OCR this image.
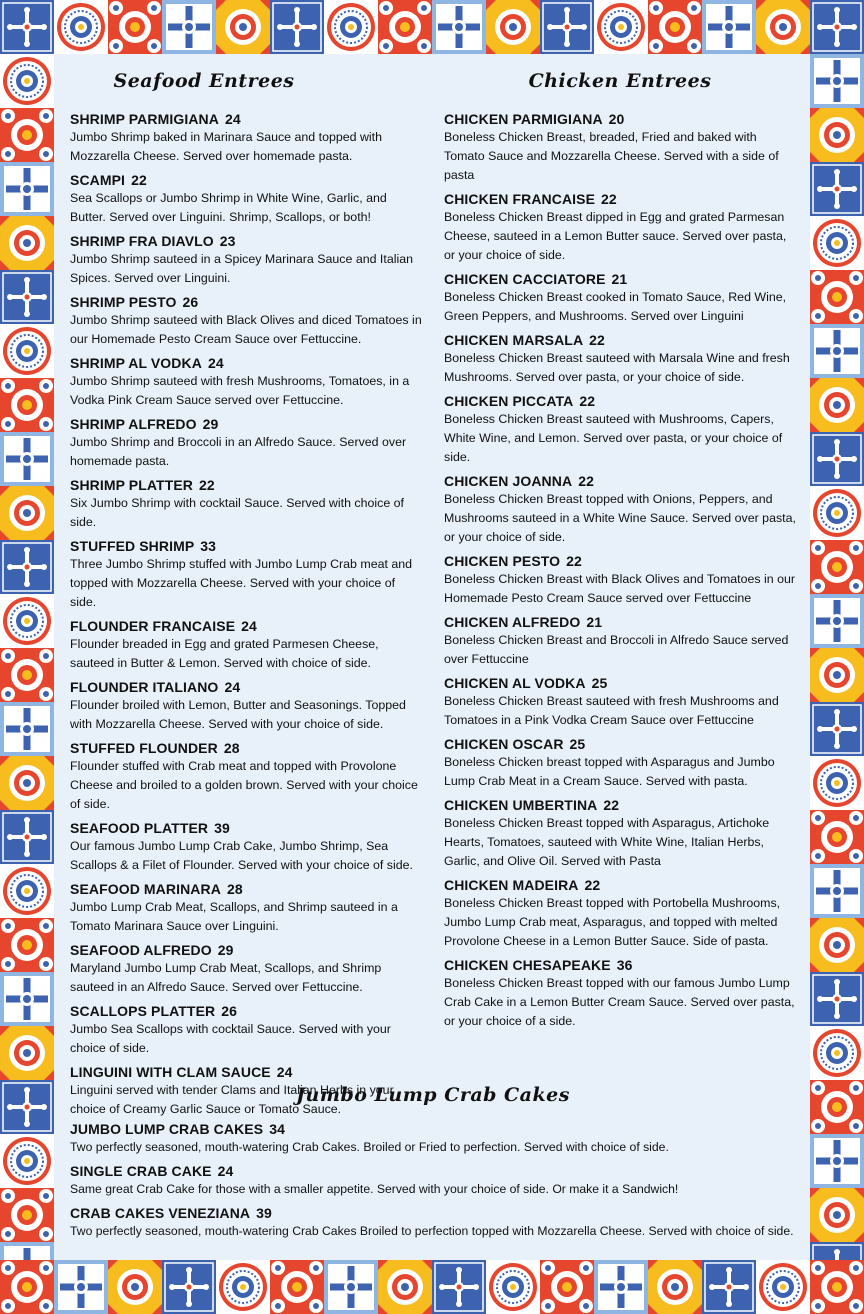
Seafood Entrees
SHRIMP PARMIGIANA 24
Jumbo Shrimp baked in Marinara Sauce and topped with Mozzarella Cheese. Served over homemade pasta.
SCAMPI 22
Sea Scallops or Jumbo Shrimp in White Wine, Garlic, and Butter. Served over Linguini. Shrimp, Scallops, or both!
SHRIMP FRA DIAVLO 23
Jumbo Shrimp sauteed in a Spicey Marinara Sauce and Italian Spices. Served over Linguini.
SHRIMP PESTO 26
Jumbo Shrimp sauteed with Black Olives and diced Tomatoes in our Homemade Pesto Cream Sauce over Fettuccine.
SHRIMP AL VODKA 24
Jumbo Shrimp sauteed with fresh Mushrooms, Tomatoes, in a Vodka Pink Cream Sauce served over Fettuccine.
SHRIMP ALFREDO 29
Jumbo Shrimp and Broccoli in an Alfredo Sauce. Served over homemade pasta.
SHRIMP PLATTER 22
Six Jumbo Shrimp with cocktail Sauce. Served with choice of side.
STUFFED SHRIMP 33
Three Jumbo Shrimp stuffed with Jumbo Lump Crab meat and topped with Mozzarella Cheese. Served with your choice of side.
FLOUNDER FRANCAISE 24
Flounder breaded in Egg and grated Parmesen Cheese, sauteed in Butter & Lemon. Served with choice of side.
FLOUNDER ITALIANO 24
Flounder broiled with Lemon, Butter and Seasonings. Topped with Mozzarella Cheese. Served with your choice of side.
STUFFED FLOUNDER 28
Flounder stuffed with Crab meat and topped with Provolone Cheese and broiled to a golden brown. Served with your choice of side.
SEAFOOD PLATTER 39
Our famous Jumbo Lump Crab Cake, Jumbo Shrimp, Sea Scallops & a Filet of Flounder. Served with your choice of side.
SEAFOOD MARINARA 28
Jumbo Lump Crab Meat, Scallops, and Shrimp sauteed in a Tomato Marinara Sauce over Linguini.
SEAFOOD ALFREDO 29
Maryland Jumbo Lump Crab Meat, Scallops, and Shrimp sauteed in an Alfredo Sauce. Served over Fettuccine.
SCALLOPS PLATTER 26
Jumbo Sea Scallops with cocktail Sauce. Served with your choice of side.
LINGUINI WITH CLAM SAUCE 24
Linguini served with tender Clams and Italian Herbs in your choice of Creamy Garlic Sauce or Tomato Sauce.
Chicken Entrees
CHICKEN PARMIGIANA 20
Boneless Chicken Breast, breaded, Fried and baked with Tomato Sauce and Mozzarella Cheese. Served with a side of pasta
CHICKEN FRANCAISE 22
Boneless Chicken Breast dipped in Egg and grated Parmesan Cheese, sauteed in a Lemon Butter sauce. Served over pasta, or your choice of side.
CHICKEN CACCIATORE 21
Boneless Chicken Breast cooked in Tomato Sauce, Red Wine, Green Peppers, and Mushrooms. Served over Linguini
CHICKEN MARSALA 22
Boneless Chicken Breast sauteed with Marsala Wine and fresh Mushrooms. Served over pasta, or your choice of side.
CHICKEN PICCATA 22
Boneless Chicken Breast sauteed with Mushrooms, Capers, White Wine, and Lemon. Served over pasta, or your choice of side.
CHICKEN JOANNA 22
Boneless Chicken Breast topped with Onions, Peppers, and Mushrooms sauteed in a White Wine Sauce. Served over pasta, or your choice of side.
CHICKEN PESTO 22
Boneless Chicken Breast with Black Olives and Tomatoes in our Homemade Pesto Cream Sauce served over Fettuccine
CHICKEN ALFREDO 21
Boneless Chicken Breast and Broccoli in Alfredo Sauce served over Fettuccine
CHICKEN AL VODKA 25
Boneless Chicken Breast sauteed with fresh Mushrooms and Tomatoes in a Pink Vodka Cream Sauce over Fettuccine
CHICKEN OSCAR 25
Boneless Chicken breast topped with Asparagus and Jumbo Lump Crab Meat in a Cream Sauce. Served with pasta.
CHICKEN UMBERTINA 22
Boneless Chicken Breast topped with Asparagus, Artichoke Hearts, Tomatoes, sauteed with White Wine, Italian Herbs, Garlic, and Olive Oil. Served with Pasta
CHICKEN MADEIRA 22
Boneless Chicken Breast topped with Portobella Mushrooms, Jumbo Lump Crab meat, Asparagus, and topped with melted Provolone Cheese in a Lemon Butter Sauce. Side of pasta.
CHICKEN CHESAPEAKE 36
Boneless Chicken Breast topped with our famous Jumbo Lump Crab Cake in a Lemon Butter Cream Sauce. Served over pasta, or your choice of a side.
Jumbo Lump Crab Cakes
JUMBO LUMP CRAB CAKES 34
Two perfectly seasoned, mouth-watering Crab Cakes. Broiled or Fried to perfection. Served with choice of side.
SINGLE CRAB CAKE 24
Same great Crab Cake for those with a smaller appetite. Served with your choice of side. Or make it a Sandwich!
CRAB CAKES VENEZIANA 39
Two perfectly seasoned, mouth-watering Crab Cakes Broiled to perfection topped with Mozzarella Cheese. Served with choice of side.
